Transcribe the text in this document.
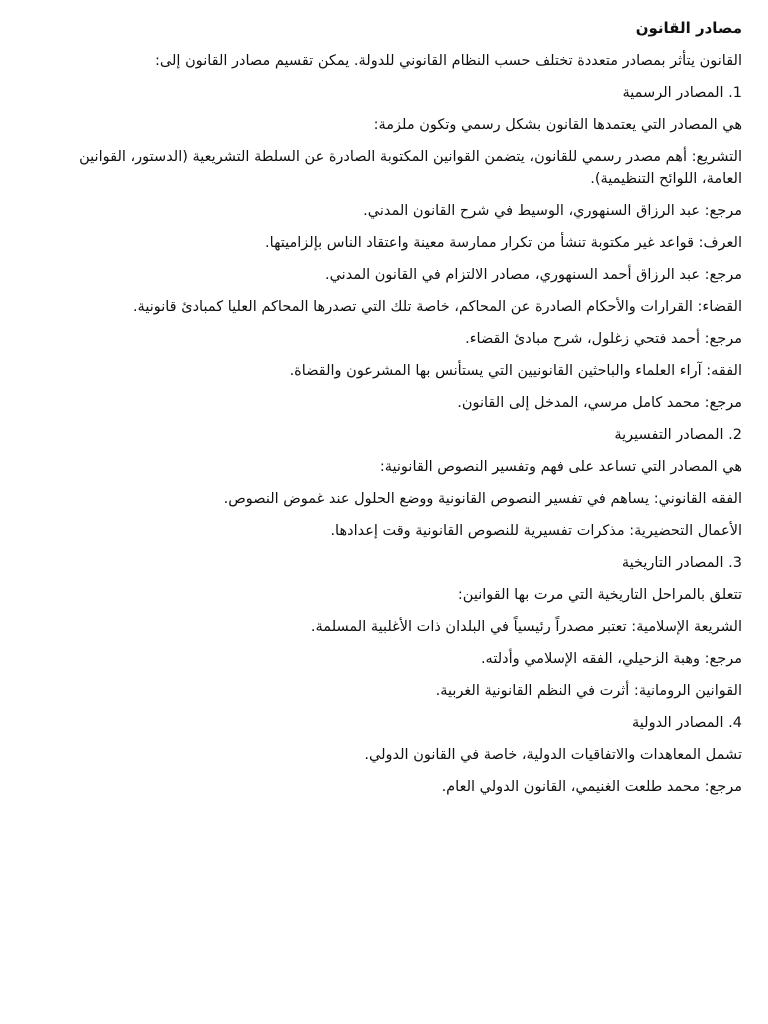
مصادر القانون
القانون يتأثر بمصادر متعددة تختلف حسب النظام القانوني للدولة. يمكن تقسيم مصادر القانون إلى:
1. المصادر الرسمية
هي المصادر التي يعتمدها القانون بشكل رسمي وتكون ملزمة:
التشريع: أهم مصدر رسمي للقانون، يتضمن القوانين المكتوبة الصادرة عن السلطة التشريعية (الدستور، القوانين العامة، اللوائح التنظيمية).
مرجع: عبد الرزاق السنهوري، الوسيط في شرح القانون المدني.
العرف: قواعد غير مكتوبة تنشأ من تكرار ممارسة معينة واعتقاد الناس بإلزاميتها.
مرجع: عبد الرزاق أحمد السنهوري، مصادر الالتزام في القانون المدني.
القضاء: القرارات والأحكام الصادرة عن المحاكم، خاصة تلك التي تصدرها المحاكم العليا كمبادئ قانونية.
مرجع: أحمد فتحي زغلول، شرح مبادئ القضاء.
الفقه: آراء العلماء والباحثين القانونيين التي يستأنس بها المشرعون والقضاة.
مرجع: محمد كامل مرسي، المدخل إلى القانون.
2. المصادر التفسيرية
هي المصادر التي تساعد على فهم وتفسير النصوص القانونية:
الفقه القانوني: يساهم في تفسير النصوص القانونية ووضع الحلول عند غموض النصوص.
الأعمال التحضيرية: مذكرات تفسيرية للنصوص القانونية وقت إعدادها.
3. المصادر التاريخية
تتعلق بالمراحل التاريخية التي مرت بها القوانين:
الشريعة الإسلامية: تعتبر مصدراً رئيسياً في البلدان ذات الأغلبية المسلمة.
مرجع: وهبة الزحيلي، الفقه الإسلامي وأدلته.
القوانين الرومانية: أثرت في النظم القانونية الغربية.
4. المصادر الدولية
تشمل المعاهدات والاتفاقيات الدولية، خاصة في القانون الدولي.
مرجع: محمد طلعت الغنيمي، القانون الدولي العام.
